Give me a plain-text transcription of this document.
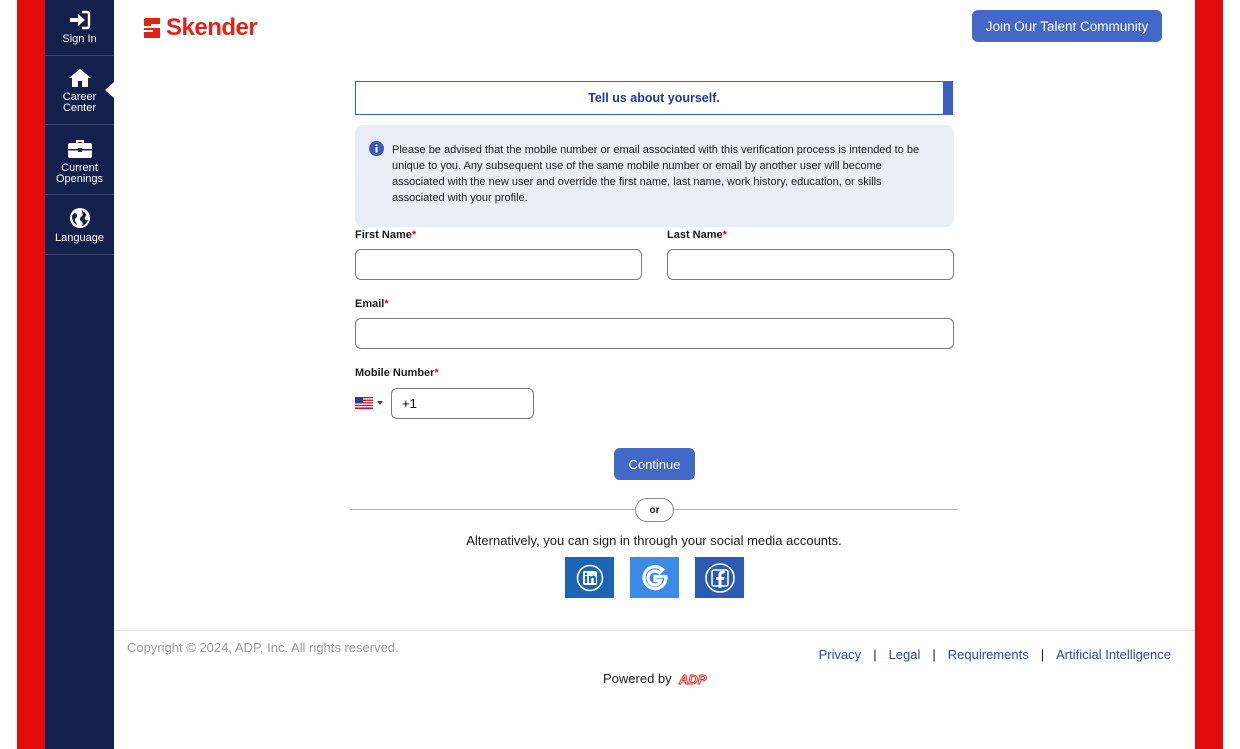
Sign In
Career Center
Current Openings
Language
Skender	Join Our Talent Community
Tell us about yourself.
Please be advised that the mobile number or email associated with this verification process is intended to be unique to you. Any subsequent use of the same mobile number or email by another user will become associated with the new user and override the first name, last name, work history, education, or skills associated with your profile.
First Name*	Last Name*
Email*
Mobile Number*
+1
Continue
or
Alternatively, you can sign in through your social media accounts.
Copyright © 2024, ADP, Inc. All rights reserved.	Privacy | Legal | Requirements | Artificial Intelligence
Powered by ADP
